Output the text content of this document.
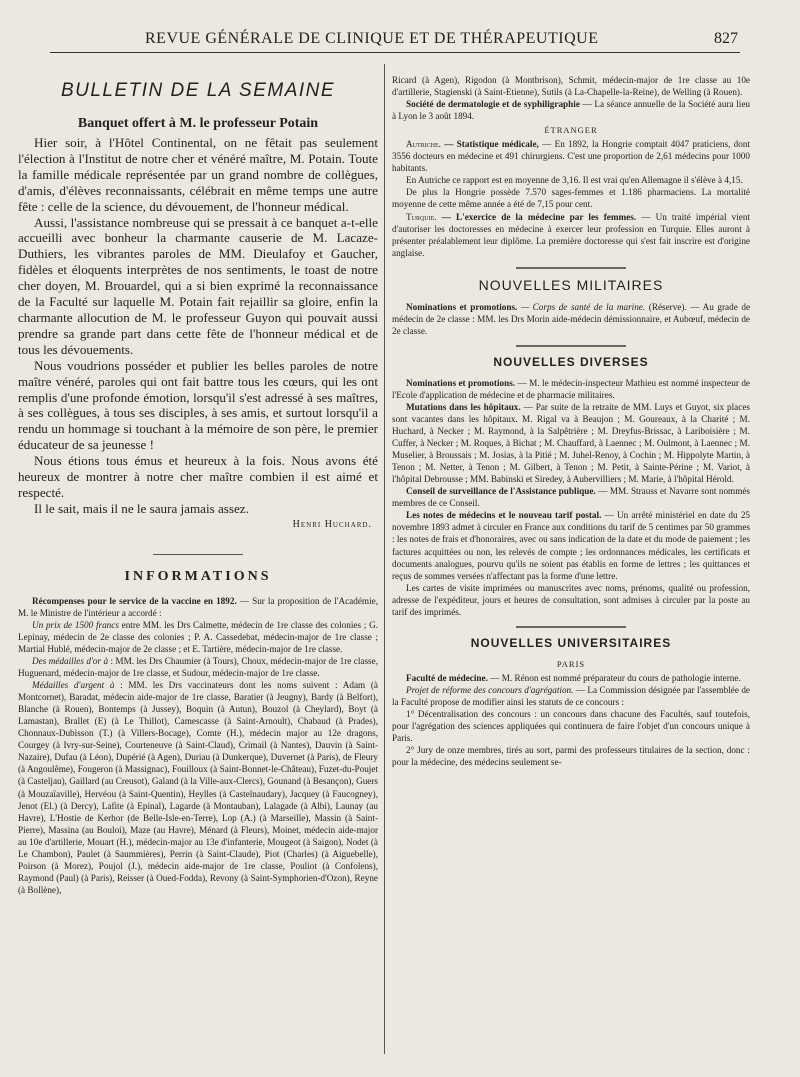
REVUE GÉNÉRALE DE CLINIQUE ET DE THÉRAPEUTIQUE	827
BULLETIN DE LA SEMAINE
Banquet offert à M. le professeur Potain

Hier soir, à l'Hôtel Continental, on ne fêtait pas seulement l'élection à l'Institut de notre cher et vénéré maître, M. Potain. Toute la famille médicale représentée par un grand nombre de collègues, d'amis, d'élèves reconnaissants, célébrait en même temps une autre fête : celle de la science, du dévouement, de l'honneur médical.

Aussi, l'assistance nombreuse qui se pressait à ce banquet a-t-elle accueilli avec bonheur la charmante causerie de M. Lacaze-Duthiers, les vibrantes paroles de MM. Dieulafoy et Gaucher, fidèles et éloquents interprètes de nos sentiments, le toast de notre cher doyen, M. Brouardel, qui a si bien exprimé la reconnaissance de la Faculté sur laquelle M. Potain fait rejaillir sa gloire, enfin la charmante allocution de M. le professeur Guyon qui pouvait aussi prendre sa grande part dans cette fête de l'honneur médical et de tous les dévouements.

Nous voudrions posséder et publier les belles paroles de notre maître vénéré, paroles qui ont fait battre tous les cœurs, qui les ont remplis d'une profonde émotion, lorsqu'il s'est adressé à ses maîtres, à ses collègues, à tous ses disciples, à ses amis, et surtout lorsqu'il a rendu un hommage si touchant à la mémoire de son père, le premier éducateur de sa jeunesse !

Nous étions tous émus et heureux à la fois. Nous avons été heureux de montrer à notre cher maître combien il est aimé et respecté.

Il le sait, mais il ne le saura jamais assez.

Henri Huchard.
INFORMATIONS

Récompenses pour le service de la vaccine en 1892. — Sur la proposition de l'Académie, M. le Ministre de l'intérieur a accordé :

Un prix de 1500 francs entre MM. les Drs Calmette, médecin de 1re classe des colonies ; G. Lepinay, médecin de 2e classe des colonies ; P. A. Cassedebat, médecin-major de 1re classe ; Martial Hublé, médecin-major de 2e classe ; et E. Tartière, médecin-major de 1re classe.

Des médailles d'or à : MM. les Drs Chaumier (à Tours), Choux, médecin-major de 1re classe, Huguenard, médecin-major de 1re classe, et Sudour, médecin-major de 1re classe.

Médailles d'argent à : MM. les Drs vaccinateurs dont les noms suivent : Adam (à Montcornet), Baradat, médecin aide-major de 1re classe, Baratier (à Jeugny), Bardy (à Belfort), Blanche (à Rouen), Bontemps (à Jussey), Boquin (à Autun), Bouzol (à Cheylard), Boyt (à Lamastan), Brallet (E) (à Le Thillot), Camescasse (à Saint-Arnoult), Chabaud (à Prades), Chonnaux-Dubisson (T.) (à Villers-Bocage), Comte (H.), médecin major au 12e dragons, Courgey (à Ivry-sur-Seine), Courteneuve (à Saint-Claud), Crimail (à Nantes), Dauvin (à Saint-Nazaire), Dufau (à Léon), Dupérié (à Agen), Duriau (à Dunkerque), Duvernet (à Paris), de Fleury (à Angoulême), Fougeron (à Massignac), Fouilloux (à Saint-Bonnet-le-Château), Fuzet-du-Poujet (à Casteljau), Gaillard (au Creusot), Galand (à la Ville-aux-Clercs), Gounand (à Besançon), Guers (à Mouzaïaville), Hervéou (à Saint-Quentin), Heylles (à Castelnaudary), Jacquey (à Faucogney), Jenot (El.) (à Dercy), Lafite (à Epinal), Lagarde (à Montauban), Lalagade (à Albi), Launay (au Havre), L'Hostie de Kerhor (de Belle-Isle-en-Terre), Lop (A.) (à Marseille), Massin (à Saint-Pierre), Massina (au Bouloi), Maze (au Havre), Ménard (à Fleurs), Moinet, médecin aide-major au 10e d'artillerie, Mouart (H.), médecin-major au 13e d'infanterie, Mougeot (à Saigon), Nodet (à Le Chambon), Paulet (à Saummières), Perrin (à Saint-Claude), Piot (Charles) (à Aiguebelle), Poirson (à Morez), Poujol (J.), médecin aide-major de 1re classe, Pouliot (à Confolens), Raymond (Paul) (à Paris), Reisser (à Oued-Fodda), Revony (à Saint-Symphorien-d'Ozon), Reyne (à Bollène),

Ricard (à Agen), Rigodon (à Montbrison), Schmit, médecin-major de 1re classe au 10e d'artillerie, Stagienski (à Saint-Etienne), Sutils (à La-Chapelle-la-Reine), de Welling (à Rouen).

Société de dermatologie et de syphiligraphie — La séance annuelle de la Société aura lieu à Lyon le 3 août 1894.

ÉTRANGER

Autriche. — Statistique médicale, — En 1892, la Hongrie comptait 4047 praticiens, dont 3556 docteurs en médecine et 491 chirurgiens. C'est une proportion de 2,61 médecins pour 1000 habitants.

En Autriche ce rapport est en moyenne de 3,16. Il est vrai qu'en Allemagne il s'élève à 4,15.

De plus la Hongrie possède 7.570 sages-femmes et 1.186 pharmaciens. La mortalité moyenne de cette même année a été de 7,15 pour cent.

Turquie. — L'exercice de la médecine par les femmes. — Un traité impérial vient d'autoriser les doctoresses en médecine à exercer leur profession en Turquie. Elles auront à présenter préalablement leur diplôme. La première doctoresse qui s'est fait inscrire est d'origine anglaise.

NOUVELLES MILITAIRES

Nominations et promotions. — Corps de santé de la marine. (Réserve). — Au grade de médecin de 2e classe : MM. les Drs Morin aide-médecin démissionnaire, et Aubœuf, médecin de 2e classe.

NOUVELLES DIVERSES

Nominations et promotions. — M. le médecin-inspecteur Mathieu est nommé inspecteur de l'Ecole d'application de médecine et de pharmacie militaires.

Mutations dans les hôpitaux. — Par suite de la retraite de MM. Luys et Guyot, six places sont vacantes dans les hôpitaux. M. Rigal va à Beaujon ; M. Goureaux, à la Charité ; M. Huchard, à Necker ; M. Raymond, à la Salpêtrière ; M. Dreyfus-Brissac, à Lariboisière ; M. Cuffer, à Necker ; M. Roques, à Bichat ; M. Chauffard, à Laennec ; M. Oulmont, à Laennec ; M. Muselier, à Broussais ; M. Josias, à la Pitié ; M. Juhel-Renoy, à Cochin ; M. Hippolyte Martin, à Tenon ; M. Netter, à Tenon ; M. Gilbert, à Tenon ; M. Petit, à Sainte-Périne ; M. Variot, à l'hôpital Debrousse ; MM. Babinski et Siredey, à Aubervilliers ; M. Marie, à l'hôpital Hérold.

Conseil de surveillance de l'Assistance publique. — MM. Strauss et Navarre sont nommés membres de ce Conseil.

Les notes de médecins et le nouveau tarif postal. — Un arrêté ministériel en date du 25 novembre 1893 admet à circuler en France aux conditions du tarif de 5 centimes par 50 grammes : les notes de frais et d'honoraires, avec ou sans indication de la date et du mode de paiement ; les factures acquittées ou non, les relevés de compte ; les ordonnances médicales, les certificats et documents analogues, pourvu qu'ils ne soient pas établis en forme de lettres ; les quittances et reçus de sommes versées n'affectant pas la forme d'une lettre.

Les cartes de visite imprimées ou manuscrites avec noms, prénoms, qualité ou profession, adresse de l'expéditeur, jours et heures de consultation, sont admises à circuler par la poste au tarif des imprimés.

NOUVELLES UNIVERSITAIRES

PARIS

Faculté de médecine. — M. Rénon est nommé préparateur du cours de pathologie interne.

Projet de réforme des concours d'agrégation. — La Commission désignée par l'assemblée de la Faculté propose de modifier ainsi les statuts de ce concours :

1° Décentralisation des concours : un concours dans chacune des Facultés, sauf toutefois, pour l'agrégation des sciences appliquées qui continuera de faire l'objet d'un concours unique à Paris.

2° Jury de onze membres, tirés au sort, parmi des professeurs titulaires de la section, donc : pour la médecine, des médecins seulement se-
